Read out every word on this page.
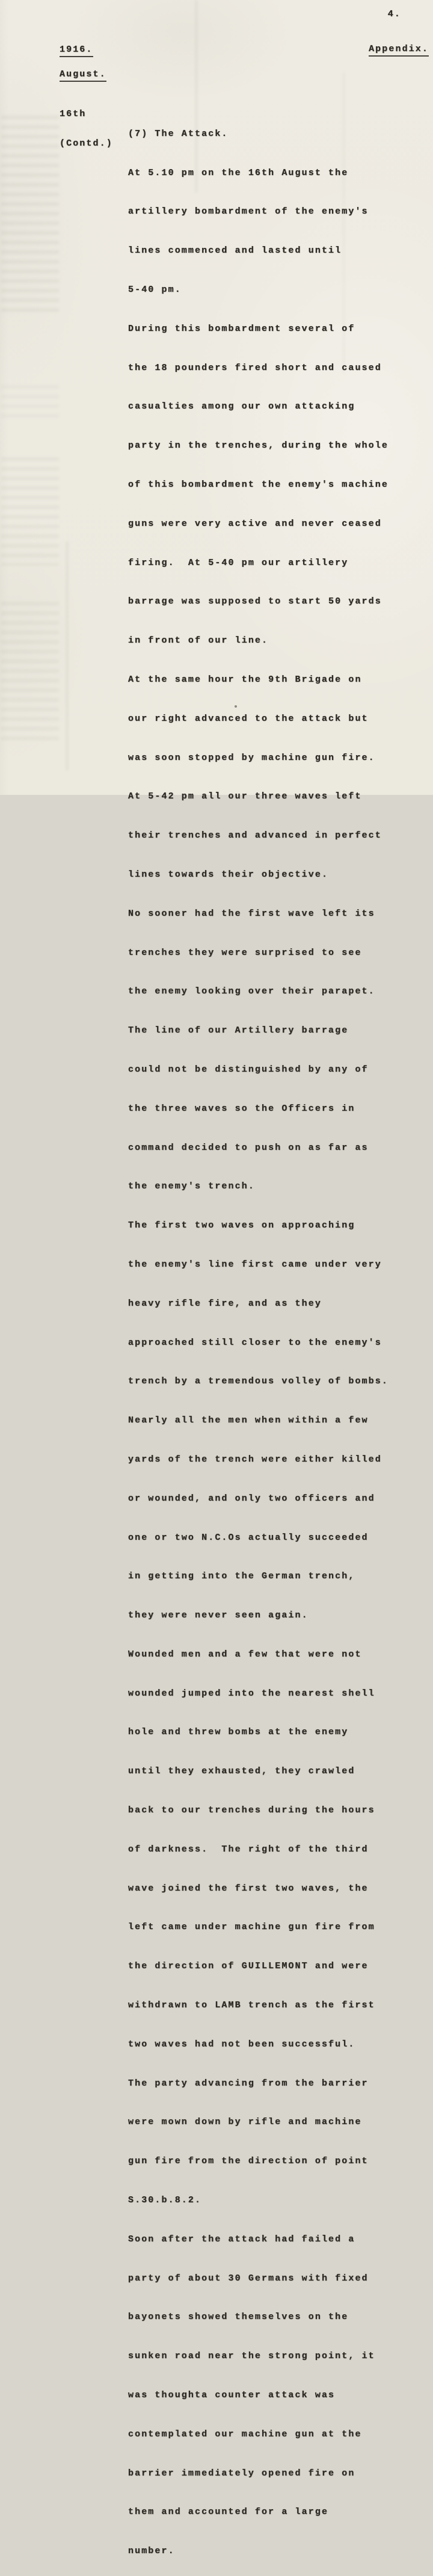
4.
1916.	Appendix.
August.

16th

(Contd.)

(7) The Attack.

At 5.10 pm on the 16th August the

artillery bombardment of the enemy's

lines commenced and lasted until

5-40 pm.

During this bombardment several of

the 18 pounders fired short and caused

casualties among our own attacking

party in the trenches, during the whole

of this bombardment the enemy's machine

guns were very active and never ceased

firing.  At 5-40 pm our artillery

barrage was supposed to start 50 yards

in front of our line.

At the same hour the 9th Brigade on

our right advanced to the attack but

was soon stopped by machine gun fire.

At 5-42 pm all our three waves left

their trenches and advanced in perfect

lines towards their objective.

No sooner had the first wave left its

trenches they were surprised to see

the enemy looking over their parapet.

The line of our Artillery barrage

could not be distinguished by any of

the three waves so the Officers in

command decided to push on as far as

the enemy's trench.

The first two waves on approaching

the enemy's line first came under very

heavy rifle fire, and as they

approached still closer to the enemy's

trench by a tremendous volley of bombs.

Nearly all the men when within a few

yards of the trench were either killed

or wounded, and only two officers and

one or two N.C.Os actually succeeded

in getting into the German trench,

they were never seen again.

Wounded men and a few that were not

wounded jumped into the nearest shell

hole and threw bombs at the enemy

until they exhausted, they crawled

back to our trenches during the hours

of darkness.  The right of the third

wave joined the first two waves, the

left came under machine gun fire from

the direction of GUILLEMONT and were

withdrawn to LAMB trench as the first

two waves had not been successful.

The party advancing from the barrier

were mown down by rifle and machine

gun fire from the direction of point

S.30.b.8.2.

Soon after the attack had failed a

party of about 30 Germans with fixed

bayonets showed themselves on the

sunken road near the strong point, it

was thoughta counter attack was

contemplated our machine gun at the

barrier immediately opened fire on

them and accounted for a large

number.
